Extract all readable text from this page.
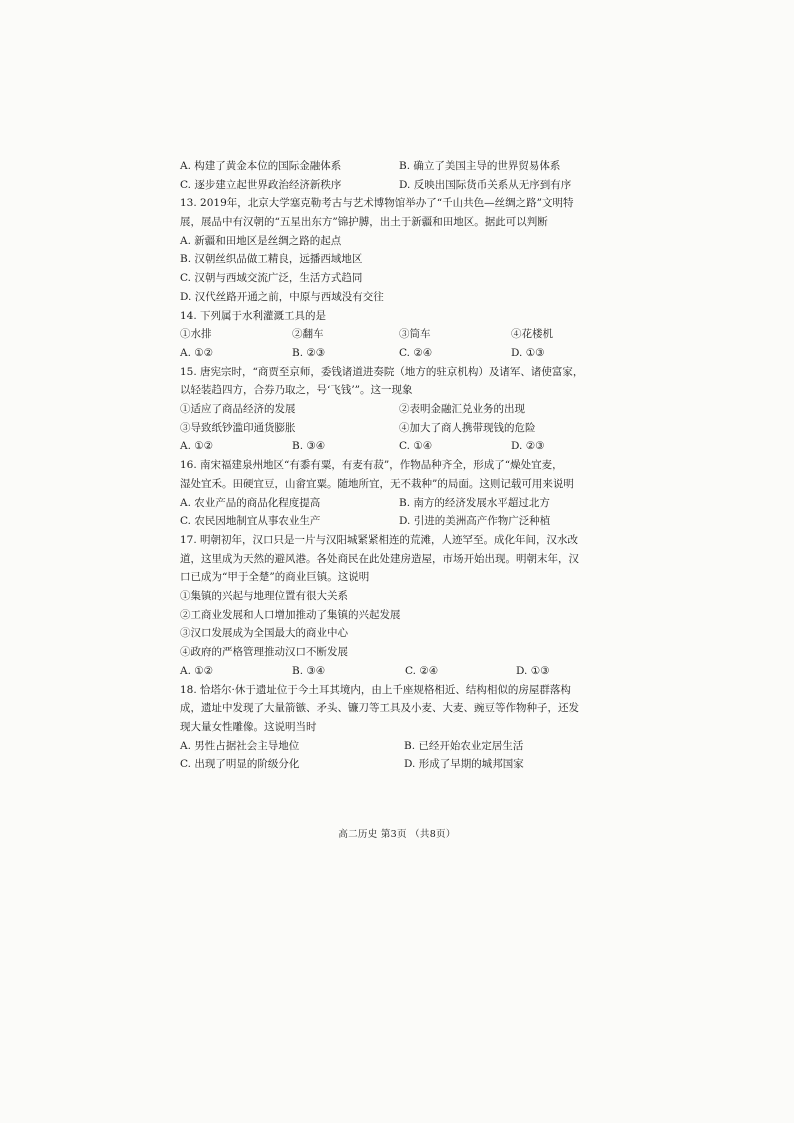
A. 构建了黄金本位的国际金融体系	B. 确立了美国主导的世界贸易体系
C. 逐步建立起世界政治经济新秩序	D. 反映出国际货币关系从无序到有序
13. 2019年，北京大学塞克勒考古与艺术博物馆举办了“千山共色—丝绸之路”文明特
展，展品中有汉朝的“五星出东方”锦护膊，出土于新疆和田地区。据此可以判断
A. 新疆和田地区是丝绸之路的起点
B. 汉朝丝织品做工精良，远播西域地区
C. 汉朝与西域交流广泛，生活方式趋同
D. 汉代丝路开通之前，中原与西域没有交往
14. 下列属于水利灌溉工具的是
①水排	②翻车	③筒车	④花楼机
A. ①②	B. ②③	C. ②④	D. ①③
15. 唐宪宗时，“商贾至京师，委钱诸道进奏院（地方的驻京机构）及诸军、诸使富家，
以轻装趋四方，合券乃取之，号‘飞钱’”。这一现象
①适应了商品经济的发展	②表明金融汇兑业务的出现
③导致纸钞滥印通货膨胀	④加大了商人携带现钱的危险
A. ①②	B. ③④	C. ①④	D. ②③
16. 南宋福建泉州地区“有黍有粟，有麦有菽”，作物品种齐全，形成了“燥处宜麦，
湿处宜禾。田硬宜豆，山畲宜粟。随地所宜，无不栽种”的局面。这则记载可用来说明
A. 农业产品的商品化程度提高	B. 南方的经济发展水平超过北方
C. 农民因地制宜从事农业生产	D. 引进的美洲高产作物广泛种植
17. 明朝初年，汉口只是一片与汉阳城紧紧相连的荒滩，人迹罕至。成化年间，汉水改
道，这里成为天然的避风港。各处商民在此处建房造屋，市场开始出现。明朝末年，汉
口已成为“甲于全楚”的商业巨镇。这说明
①集镇的兴起与地理位置有很大关系
②工商业发展和人口增加推动了集镇的兴起发展
③汉口发展成为全国最大的商业中心
④政府的严格管理推动汉口不断发展
A. ①②	B. ③④	C. ②④	D. ①③
18. 恰塔尔·休于遗址位于今土耳其境内，由上千座规格相近、结构相似的房屋群落构
成，遗址中发现了大量箭镞、矛头、镰刀等工具及小麦、大麦、豌豆等作物种子，还发
现大量女性雕像。这说明当时
A. 男性占据社会主导地位	B. 已经开始农业定居生活
C. 出现了明显的阶级分化	D. 形成了早期的城邦国家
高二历史 第3页 （共8页）
